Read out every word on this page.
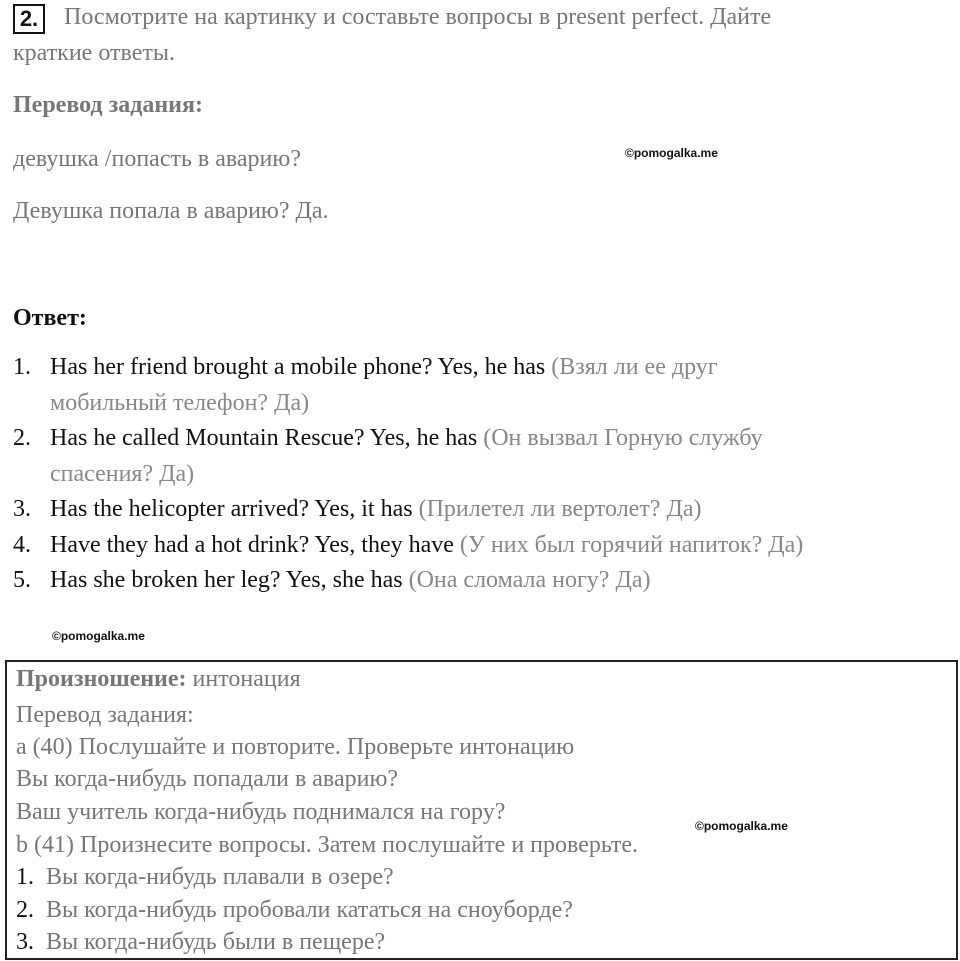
2. Посмотрите на картинку и составьте вопросы в present perfect. Дайте
краткие ответы.
Перевод задания:
девушка /попасть в аварию?	©pomogalka.me
Девушка попала в аварию? Да.
Ответ:
1. Has her friend brought a mobile phone? Yes, he has (Взял ли ее друг
мобильный телефон? Да)
2. Has he called Mountain Rescue? Yes, he has (Он вызвал Горную службу
спасения? Да)
3. Has the helicopter arrived? Yes, it has (Прилетел ли вертолет? Да)
4. Have they had a hot drink? Yes, they have (У них был горячий напиток? Да)
5. Has she broken her leg? Yes, she has (Она сломала ногу? Да)
©pomogalka.me
Произношение: интонация
Перевод задания:
a (40) Послушайте и повторите. Проверьте интонацию
Вы когда-нибудь попадали в аварию?
Ваш учитель когда-нибудь поднимался на гору?
©pomogalka.me
b (41) Произнесите вопросы. Затем послушайте и проверьте.
1. Вы когда-нибудь плавали в озере?
2. Вы когда-нибудь пробовали кататься на сноуборде?
3. Вы когда-нибудь были в пещере?
